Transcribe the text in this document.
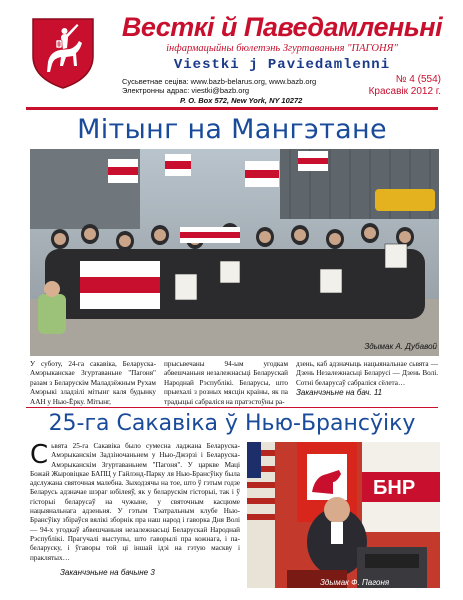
Весткі й Паведамленьні
інфармацыйны бюлетэнь Згуртаваньня "ПАГОНЯ"
Viestki j Paviedamlenni
Сусьветнае сеціва: www.bazb-belarus.org, www.bazb.org
Электронны адрас: viestki@bazb.org
P. O. Box 572, New York, NY 10272
№ 4 (554)
Красавік 2012 г.
Мітынг на Мангэтане
Здымак А. Дубавой
У суботу, 24-га сакавіка, Беларуска-Амэрыканскае Згуртаваньне "Пагоня" разам з Беларускім Маладзёжным Рухам Амэрыкі зладзілі мітынг каля будынку ААН у Нью-Ёрку. Мітынг,
прысьвечаны 94-ым угодкам абвешчаньня незалежнасьці Беларускай Народнай Рэспублікі. Беларусы, што прыехалі з розных мясцін краіны, як па традыцыі сабраліся на пратэстоўны ра-
дзень, каб адзначыць нацыянальнае сьвята — Дзень Незалежнасьці Беларусі — Дзень Волі. Сотні беларусаў сабраліся сёлета…
Заканчэньне на бач. 11
25-га Сакавіка ў Нью-Брансўіку
С ьвята 25-га Сакавіка было сумесна ладжана Беларуска-Амэрыканскім Задзіночаньнем у Нью-Джэрзі і Беларуска-Амэрыканскім Згуртаваньнем "Пагоня". У царкве Маці Божай Жыровіцкае БАПЦ у Гайлэнд-Парку ля Нью-Брансўіку была адслужана святочная малебна. Зыходзячы на тое, што ў гэтым годзе Беларусь адзначае шэраг юбілеяў, як у беларускім гісторыі, так і ў гісторыі беларусаў на чужыне, у святочным касцюме нацыянальнага адзеньня. У гэтым Тэатральным клубе Нью-Брансўіку збіраўся вялікі зборнік пра наш народ і гаворка Дня Волі — 94-х угодкаў абвешчаньня незалежнасьці Беларускай Народнай Рэспублікі. Прагучалі выступы, што гаворылі пра кожнага, і па-беларуску, і ўгаворы той ці іншай ідэі на гэтую маскву і праклятых…
Заканчэньне на бачыне 3
БНР
Здымак Ф. Пагоня
